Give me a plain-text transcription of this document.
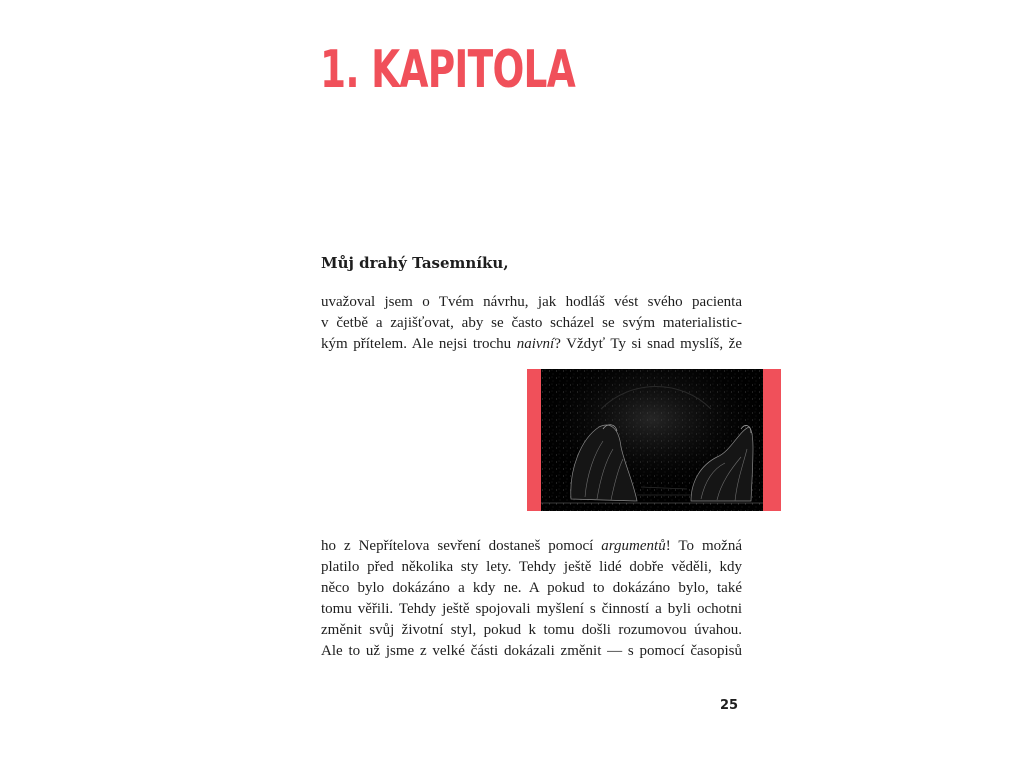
1. KAPITOLA

Můj drahý Tasemníku,

uvažoval jsem o Tvém návrhu, jak hodláš vést svého pacienta
v četbě a zajišťovat, aby se často scházel se svým materialistic-
kým přítelem. Ale nejsi trochu naivní? Vždyť Ty si snad myslíš, že
ho z Nepřítelova sevření dostaneš pomocí argumentů! To možná
platilo před několika sty lety. Tehdy ještě lidé dobře věděli, kdy
něco bylo dokázáno a kdy ne. A pokud to dokázáno bylo, také
tomu věřili. Tehdy ještě spojovali myšlení s činností a byli ochotni
změnit svůj životní styl, pokud k tomu došli rozumovou úvahou.
Ale to už jsme z velké části dokázali změnit — s pomocí časopisů

25
